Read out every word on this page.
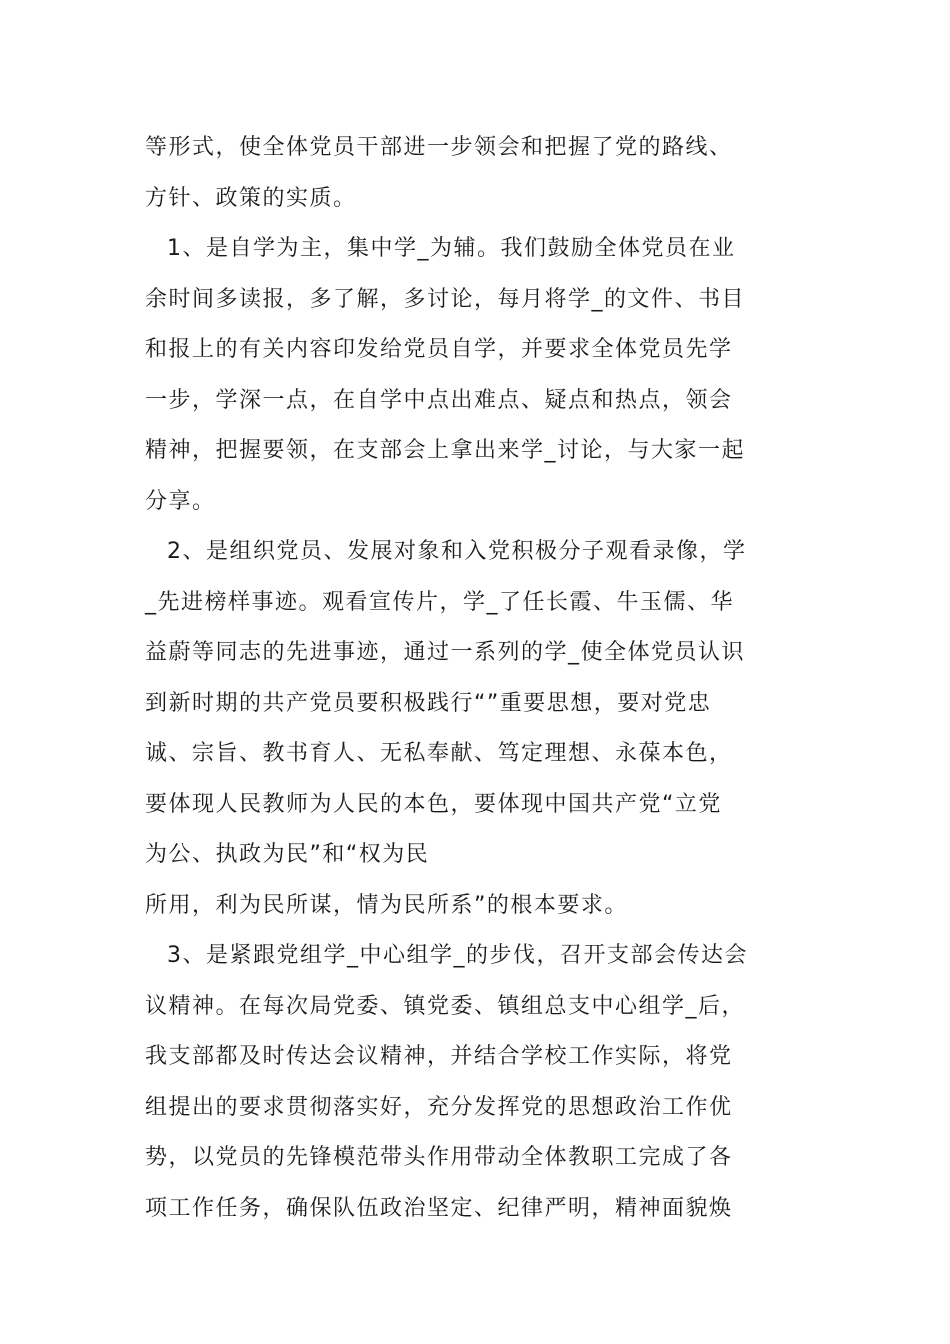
等形式，使全体党员干部进一步领会和把握了党的路线、
方针、政策的实质。
1、是自学为主，集中学_为辅。我们鼓励全体党员在业
余时间多读报，多了解，多讨论，每月将学_的文件、书目
和报上的有关内容印发给党员自学，并要求全体党员先学
一步，学深一点，在自学中点出难点、疑点和热点，领会
精神，把握要领，在支部会上拿出来学_讨论，与大家一起
分享。
2、是组织党员、发展对象和入党积极分子观看录像，学
_先进榜样事迹。观看宣传片，学_了任长霞、牛玉儒、华
益蔚等同志的先进事迹，通过一系列的学_使全体党员认识
到新时期的共产党员要积极践行“”重要思想，要对党忠
诚、宗旨、教书育人、无私奉献、笃定理想、永葆本色，
要体现人民教师为人民的本色，要体现中国共产党“立党
为公、执政为民”和“权为民
所用，利为民所谋，情为民所系”的根本要求。
3、是紧跟党组学_中心组学_的步伐，召开支部会传达会
议精神。在每次局党委、镇党委、镇组总支中心组学_后，
我支部都及时传达会议精神，并结合学校工作实际，将党
组提出的要求贯彻落实好，充分发挥党的思想政治工作优
势，以党员的先锋模范带头作用带动全体教职工完成了各
项工作任务，确保队伍政治坚定、纪律严明，精神面貌焕
